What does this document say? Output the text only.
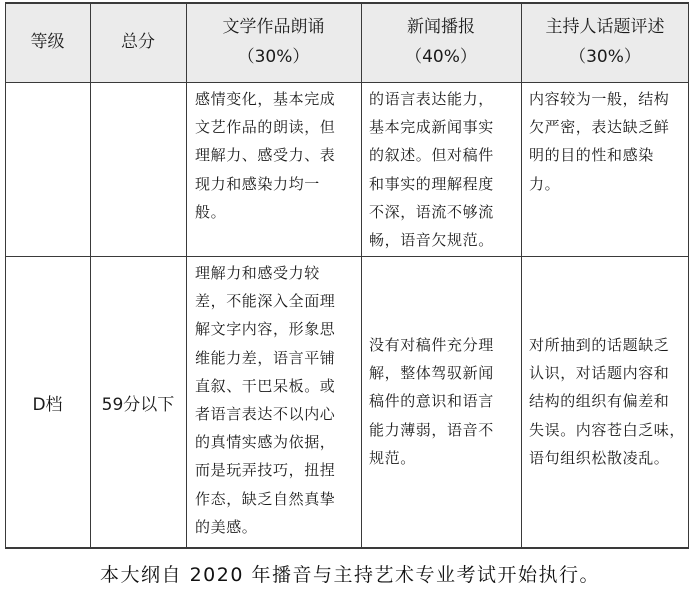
等级	总分
文学作品朗诵
（30%）
新闻播报
（40%）
主持人话题评述
（30%）
感情变化，基本完成
文艺作品的朗读，但
理解力、感受力、表
现力和感染力均一
般。
的语言表达能力，
基本完成新闻事实
的叙述。但对稿件
和事实的理解程度
不深，语流不够流
畅，语音欠规范。
内容较为一般，结构
欠严密，表达缺乏鲜
明的目的性和感染
力。
D档 59分以下
理解力和感受力较
差，不能深入全面理
解文字内容，形象思
维能力差，语言平铺
直叙、干巴呆板。或
者语言表达不以内心
的真情实感为依据，
而是玩弄技巧，扭捏
作态，缺乏自然真挚
的美感。
没有对稿件充分理
解，整体驾驭新闻
稿件的意识和语言
能力薄弱，语音不
规范。
对所抽到的话题缺乏
认识，对话题内容和
结构的组织有偏差和
失误。内容苍白乏味，
语句组织松散凌乱。
本大纲自 2020 年播音与主持艺术专业考试开始执行。
